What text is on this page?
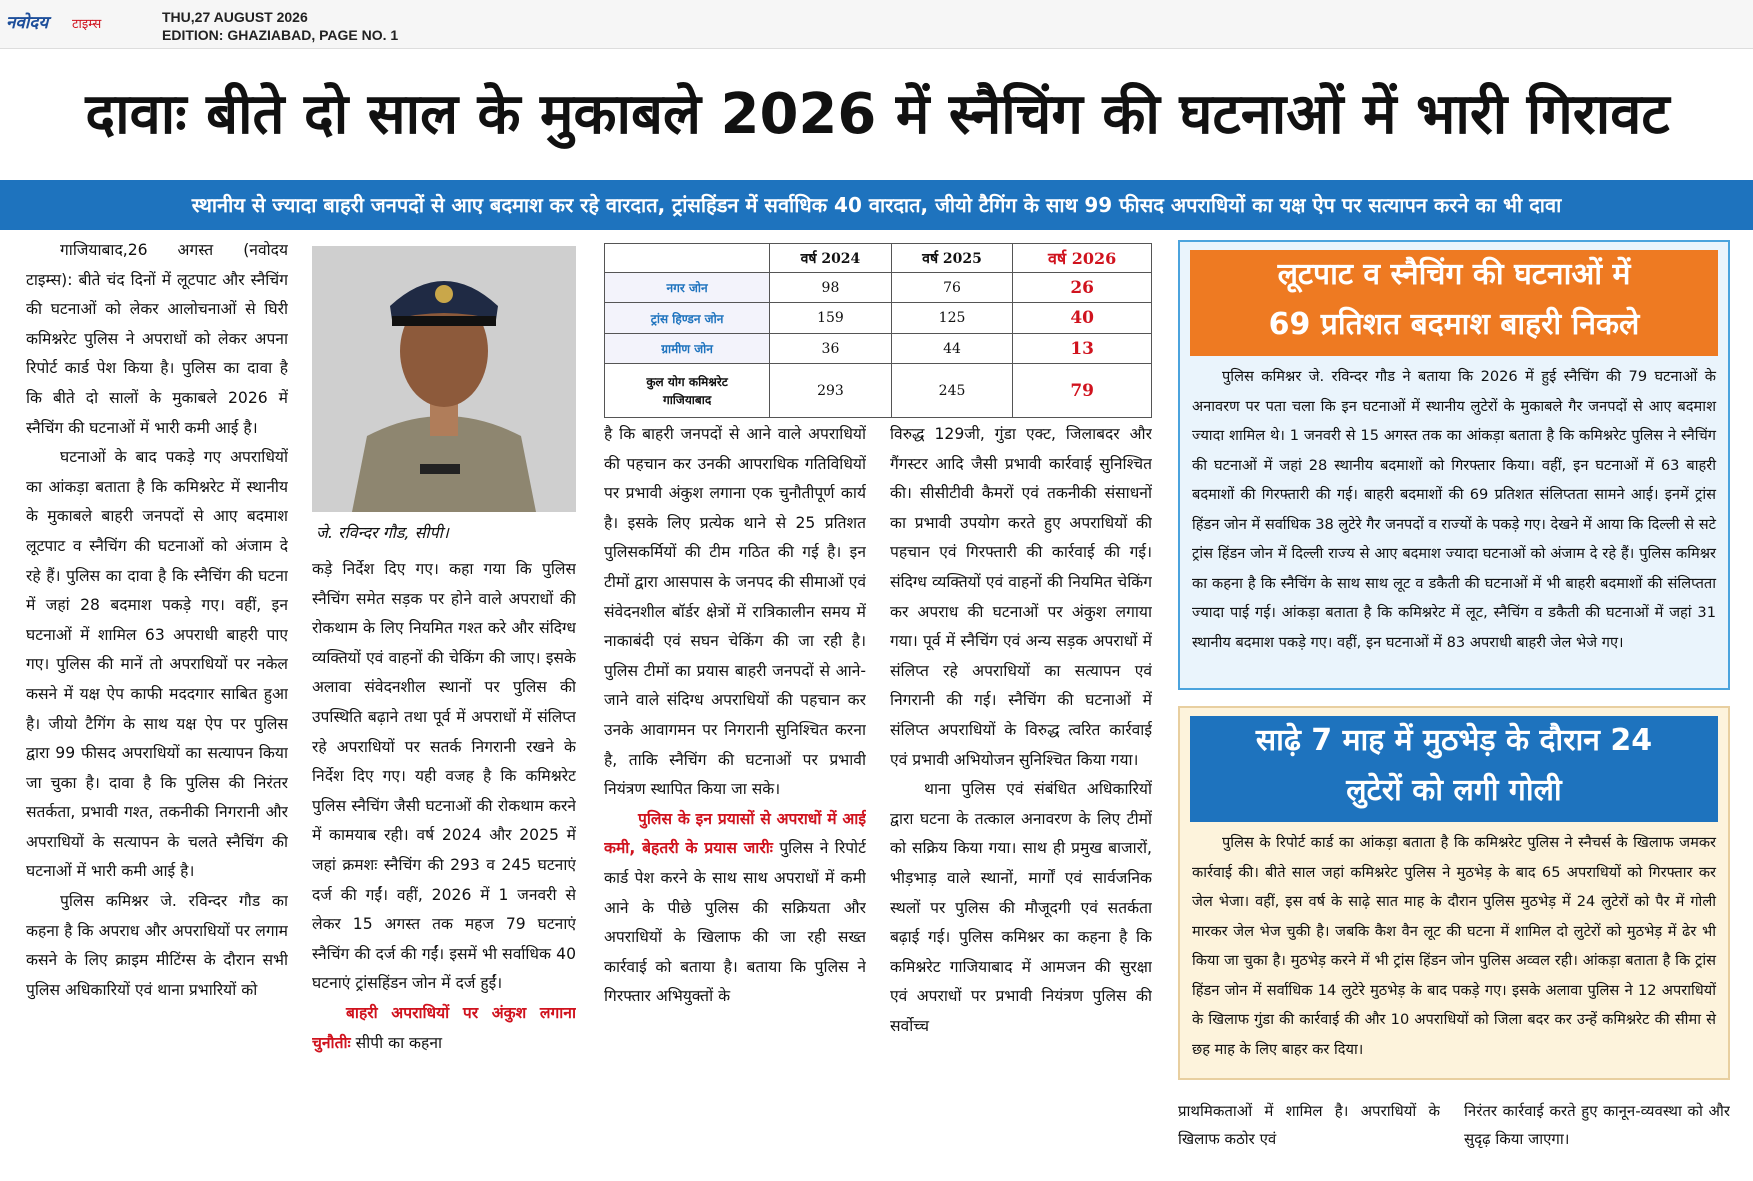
नवोदय	टाइम्स	THU,27 AUGUST 2026
EDITION: GHAZIABAD, PAGE NO. 1
दावाः बीते दो साल के मुकाबले 2026 में स्नैचिंग की घटनाओं में भारी गिरावट
स्थानीय से ज्यादा बाहरी जनपदों से आए बदमाश कर रहे वारदात, ट्रांसहिंडन में सर्वाधिक 40 वारदात, जीयो टैगिंग के साथ 99 फीसद अपराधियों का यक्ष ऐप पर सत्यापन करने का भी दावा

गाजियाबाद,26 अगस्त (नवोदय टाइम्स): बीते चंद दिनों में लूटपाट और स्नैचिंग की घटनाओं को लेकर आलोचनाओं से घिरी कमिश्नरेट पुलिस ने अपराधों को लेकर अपना रिपोर्ट कार्ड पेश किया है। पुलिस का दावा है कि बीते दो सालों के मुकाबले 2026 में स्नैचिंग की घटनाओं में भारी कमी आई है।

घटनाओं के बाद पकड़े गए अपराधियों का आंकड़ा बताता है कि कमिश्नरेट में स्थानीय के मुकाबले बाहरी जनपदों से आए बदमाश लूटपाट व स्नैचिंग की घटनाओं को अंजाम दे रहे हैं। पुलिस का दावा है कि स्नैचिंग की घटना में जहां 28 बदमाश पकड़े गए। वहीं, इन घटनाओं में शामिल 63 अपराधी बाहरी पाए गए। पुलिस की मानें तो अपराधियों पर नकेल कसने में यक्ष ऐप काफी मददगार साबित हुआ है। जीयो टैगिंग के साथ यक्ष ऐप पर पुलिस द्वारा 99 फीसद अपराधियों का सत्यापन किया जा चुका है। दावा है कि पुलिस की निरंतर सतर्कता, प्रभावी गश्त, तकनीकी निगरानी और अपराधियों के सत्यापन के चलते स्नैचिंग की घटनाओं में भारी कमी आई है।

पुलिस कमिश्नर जे. रविन्दर गौड का कहना है कि अपराध और अपराधियों पर लगाम कसने के लिए क्राइम मीटिंग्स के दौरान सभी पुलिस अधिकारियों एवं थाना प्रभारियों को

जे. रविन्दर गौड, सीपी।

कड़े निर्देश दिए गए। कहा गया कि पुलिस स्नैचिंग समेत सड़क पर होने वाले अपराधों की रोकथाम के लिए नियमित गश्त करे और संदिग्ध व्यक्तियों एवं वाहनों की चेकिंग की जाए। इसके अलावा संवेदनशील स्थानों पर पुलिस की उपस्थिति बढ़ाने तथा पूर्व में अपराधों में संलिप्त रहे अपराधियों पर सतर्क निगरानी रखने के निर्देश दिए गए। यही वजह है कि कमिश्नरेट पुलिस स्नैचिंग जैसी घटनाओं की रोकथाम करने में कामयाब रही। वर्ष 2024 और 2025 में जहां क्रमशः स्नैचिंग की 293 व 245 घटनाएं दर्ज की गईं। वहीं, 2026 में 1 जनवरी से लेकर 15 अगस्त तक महज 79 घटनाएं स्नैचिंग की दर्ज की गईं। इसमें भी सर्वाधिक 40 घटनाएं ट्रांसहिंडन जोन में दर्ज हुईं।

बाहरी अपराधियों पर अंकुश लगाना चुनौतीः सीपी का कहना

	वर्ष 2024	वर्ष 2025	वर्ष 2026
नगर जोन	98	76	26
ट्रांस हिण्डन जोन	159	125	40
ग्रामीण जोन	36	44	13

कुल योग कमिश्नरेट
गाजियाबाद	293	245	79

है कि बाहरी जनपदों से आने वाले अपराधियों की पहचान कर उनकी आपराधिक गतिविधियों पर प्रभावी अंकुश लगाना एक चुनौतीपूर्ण कार्य है। इसके लिए प्रत्येक थाने से 25 प्रतिशत पुलिसकर्मियों की टीम गठित की गई है। इन टीमों द्वारा आसपास के जनपद की सीमाओं एवं संवेदनशील बॉर्डर क्षेत्रों में रात्रिकालीन समय में नाकाबंदी एवं सघन चेकिंग की जा रही है। पुलिस टीमों का प्रयास बाहरी जनपदों से आने-जाने वाले संदिग्ध अपराधियों की पहचान कर उनके आवागमन पर निगरानी सुनिश्चित करना है, ताकि स्नैचिंग की घटनाओं पर प्रभावी नियंत्रण स्थापित किया जा सके।

पुलिस के इन प्रयासों से अपराधों में आई कमी, बेहतरी के प्रयास जारीः पुलिस ने रिपोर्ट कार्ड पेश करने के साथ साथ अपराधों में कमी आने के पीछे पुलिस की सक्रियता और अपराधियों के खिलाफ की जा रही सख्त कार्रवाई को बताया है। बताया कि पुलिस ने गिरफ्तार अभियुक्तों के

विरुद्ध 129जी, गुंडा एक्ट, जिलाबदर और गैंगस्टर आदि जैसी प्रभावी कार्रवाई सुनिश्चित की। सीसीटीवी कैमरों एवं तकनीकी संसाधनों का प्रभावी उपयोग करते हुए अपराधियों की पहचान एवं गिरफ्तारी की कार्रवाई की गई। संदिग्ध व्यक्तियों एवं वाहनों की नियमित चेकिंग कर अपराध की घटनाओं पर अंकुश लगाया गया। पूर्व में स्नैचिंग एवं अन्य सड़क अपराधों में संलिप्त रहे अपराधियों का सत्यापन एवं निगरानी की गई। स्नैचिंग की घटनाओं में संलिप्त अपराधियों के विरुद्ध त्वरित कार्रवाई एवं प्रभावी अभियोजन सुनिश्चित किया गया।

थाना पुलिस एवं संबंधित अधिकारियों द्वारा घटना के तत्काल अनावरण के लिए टीमों को सक्रिय किया गया। साथ ही प्रमुख बाजारों, भीड़भाड़ वाले स्थानों, मार्गों एवं सार्वजनिक स्थलों पर पुलिस की मौजूदगी एवं सतर्कता बढ़ाई गई। पुलिस कमिश्नर का कहना है कि कमिश्नरेट गाजियाबाद में आमजन की सुरक्षा एवं अपराधों पर प्रभावी नियंत्रण पुलिस की सर्वोच्च

लूटपाट व स्नैचिंग की घटनाओं में
69 प्रतिशत बदमाश बाहरी निकले

पुलिस कमिश्नर जे. रविन्दर गौड ने बताया कि 2026 में हुई स्नैचिंग की 79 घटनाओं के अनावरण पर पता चला कि इन घटनाओं में स्थानीय लुटेरों के मुकाबले गैर जनपदों से आए बदमाश ज्यादा शामिल थे। 1 जनवरी से 15 अगस्त तक का आंकड़ा बताता है कि कमिश्नरेट पुलिस ने स्नैचिंग की घटनाओं में जहां 28 स्थानीय बदमाशों को गिरफ्तार किया। वहीं, इन घटनाओं में 63 बाहरी बदमाशों की गिरफ्तारी की गई। बाहरी बदमाशों की 69 प्रतिशत संलिप्तता सामने आई। इनमें ट्रांस हिंडन जोन में सर्वाधिक 38 लुटेरे गैर जनपदों व राज्यों के पकड़े गए। देखने में आया कि दिल्ली से सटे ट्रांस हिंडन जोन में दिल्ली राज्य से आए बदमाश ज्यादा घटनाओं को अंजाम दे रहे हैं। पुलिस कमिश्नर का कहना है कि स्नैचिंग के साथ साथ लूट व डकैती की घटनाओं में भी बाहरी बदमाशों की संलिप्तता ज्यादा पाई गई। आंकड़ा बताता है कि कमिश्नरेट में लूट, स्नैचिंग व डकैती की घटनाओं में जहां 31 स्थानीय बदमाश पकड़े गए। वहीं, इन घटनाओं में 83 अपराधी बाहरी जेल भेजे गए।

साढ़े 7 माह में मुठभेड़ के दौरान 24
लुटेरों को लगी गोली

पुलिस के रिपोर्ट कार्ड का आंकड़ा बताता है कि कमिश्नरेट पुलिस ने स्नैचर्स के खिलाफ जमकर कार्रवाई की। बीते साल जहां कमिश्नरेट पुलिस ने मुठभेड़ के बाद 65 अपराधियों को गिरफ्तार कर जेल भेजा। वहीं, इस वर्ष के साढ़े सात माह के दौरान पुलिस मुठभेड़ में 24 लुटेरों को पैर में गोली मारकर जेल भेज चुकी है। जबकि कैश वैन लूट की घटना में शामिल दो लुटेरों को मुठभेड़ में ढेर भी किया जा चुका है। मुठभेड़ करने में भी ट्रांस हिंडन जोन पुलिस अव्वल रही। आंकड़ा बताता है कि ट्रांस हिंडन जोन में सर्वाधिक 14 लुटेरे मुठभेड़ के बाद पकड़े गए। इसके अलावा पुलिस ने 12 अपराधियों के खिलाफ गुंडा की कार्रवाई की और 10 अपराधियों को जिला बदर कर उन्हें कमिश्नरेट की सीमा से छह माह के लिए बाहर कर दिया।

प्राथमिकताओं में शामिल है। अपराधियों के खिलाफ कठोर एवं
निरंतर कार्रवाई करते हुए कानून-व्यवस्था को और सुदृढ़ किया जाएगा।
